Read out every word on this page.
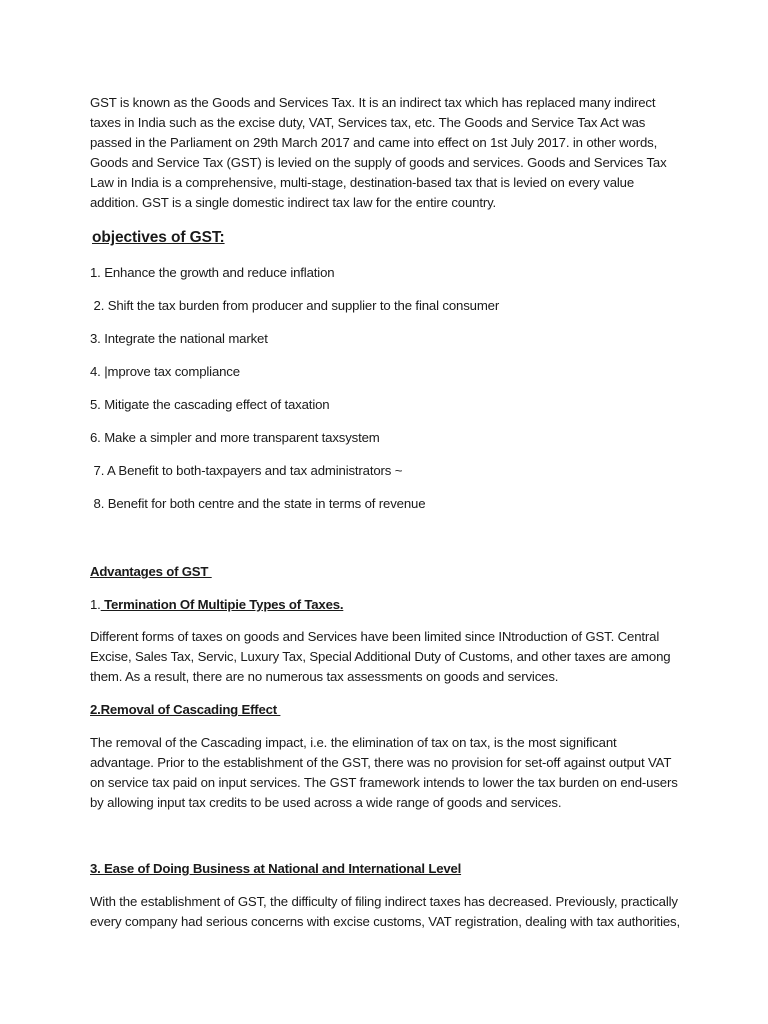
GST is known as the Goods and Services Tax. It is an indirect tax which has replaced many indirect taxes in India such as the excise duty, VAT, Services tax, etc. The Goods and Service Tax Act was passed in the Parliament on 29th March 2017 and came into effect on 1st July 2017. in other words, Goods and Service Tax (GST) is levied on the supply of goods and services. Goods and Services Tax Law in India is a comprehensive, multi-stage, destination-based tax that is levied on every value addition. GST is a single domestic indirect tax law for the entire country.

objectives of GST:

1. Enhance the growth and reduce inflation

2. Shift the tax burden from producer and supplier to the final consumer

3. Integrate the national market

4. |mprove tax compliance

5. Mitigate the cascading effect of taxation

6. Make a simpler and more transparent taxsystem

7. A Benefit to both-taxpayers and tax administrators ~

8. Benefit for both centre and the state in terms of revenue

Advantages of GST
1. Termination Of Multipie Types of Taxes.

Different forms of taxes on goods and Services have been limited since INtroduction of GST. Central Excise, Sales Tax, Servic, Luxury Tax, Special Additional Duty of Customs, and other taxes are among them. As a result, there are no numerous tax assessments on goods and services.

2.Removal of Cascading Effect

The removal of the Cascading impact, i.e. the elimination of tax on tax, is the most significant advantage. Prior to the establishment of the GST, there was no provision for set-off against output VAT on service tax paid on input services. The GST framework intends to lower the tax burden on end-users by allowing input tax credits to be used across a wide range of goods and services.

3. Ease of Doing Business at National and International Level

With the establishment of GST, the difficulty of filing indirect taxes has decreased. Previously, practically every company had serious concerns with excise customs, VAT registration, dealing with tax authorities,
